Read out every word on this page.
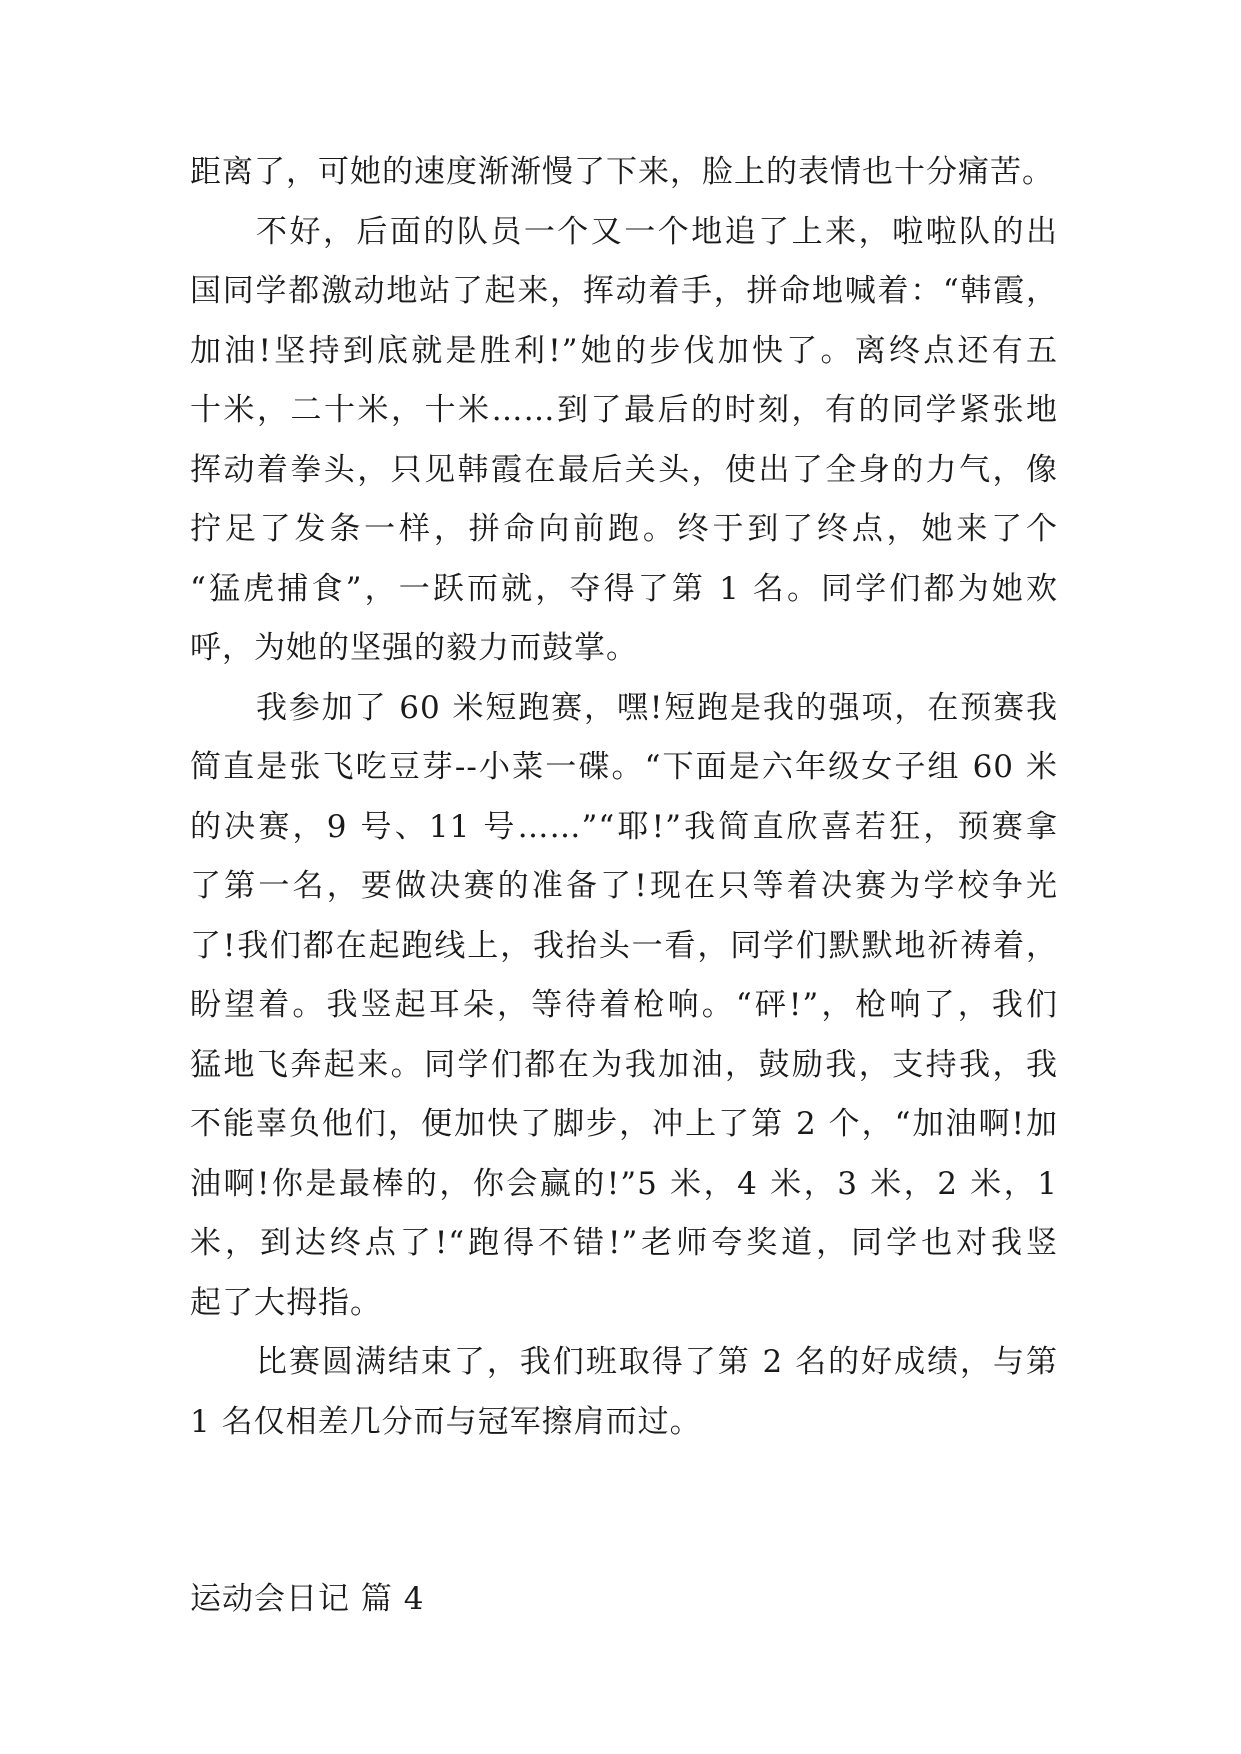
距离了，可她的速度渐渐慢了下来，脸上的表情也十分痛苦。

不好，后面的队员一个又一个地追了上来，啦啦队的出
国同学都激动地站了起来，挥动着手，拼命地喊着：“韩霞，
加油!坚持到底就是胜利!”她的步伐加快了。离终点还有五
十米，二十米，十米……到了最后的时刻，有的同学紧张地
挥动着拳头，只见韩霞在最后关头，使出了全身的力气，像
拧足了发条一样，拼命向前跑。终于到了终点，她来了个
“猛虎捕食”，一跃而就，夺得了第 1 名。同学们都为她欢
呼，为她的坚强的毅力而鼓掌。

我参加了 60 米短跑赛，嘿!短跑是我的强项，在预赛我
简直是张飞吃豆芽--小菜一碟。“下面是六年级女子组 60 米
的决赛，9 号、11 号……”“耶!”我简直欣喜若狂，预赛拿
了第一名，要做决赛的准备了!现在只等着决赛为学校争光
了!我们都在起跑线上，我抬头一看，同学们默默地祈祷着，
盼望着。我竖起耳朵，等待着枪响。“砰!”，枪响了，我们
猛地飞奔起来。同学们都在为我加油，鼓励我，支持我，我
不能辜负他们，便加快了脚步，冲上了第 2 个，“加油啊!加
油啊!你是最棒的，你会赢的!”5 米，4 米，3 米，2 米，1
米，到达终点了!“跑得不错!”老师夸奖道，同学也对我竖
起了大拇指。

比赛圆满结束了，我们班取得了第 2 名的好成绩，与第
1 名仅相差几分而与冠军擦肩而过。

运动会日记 篇 4
